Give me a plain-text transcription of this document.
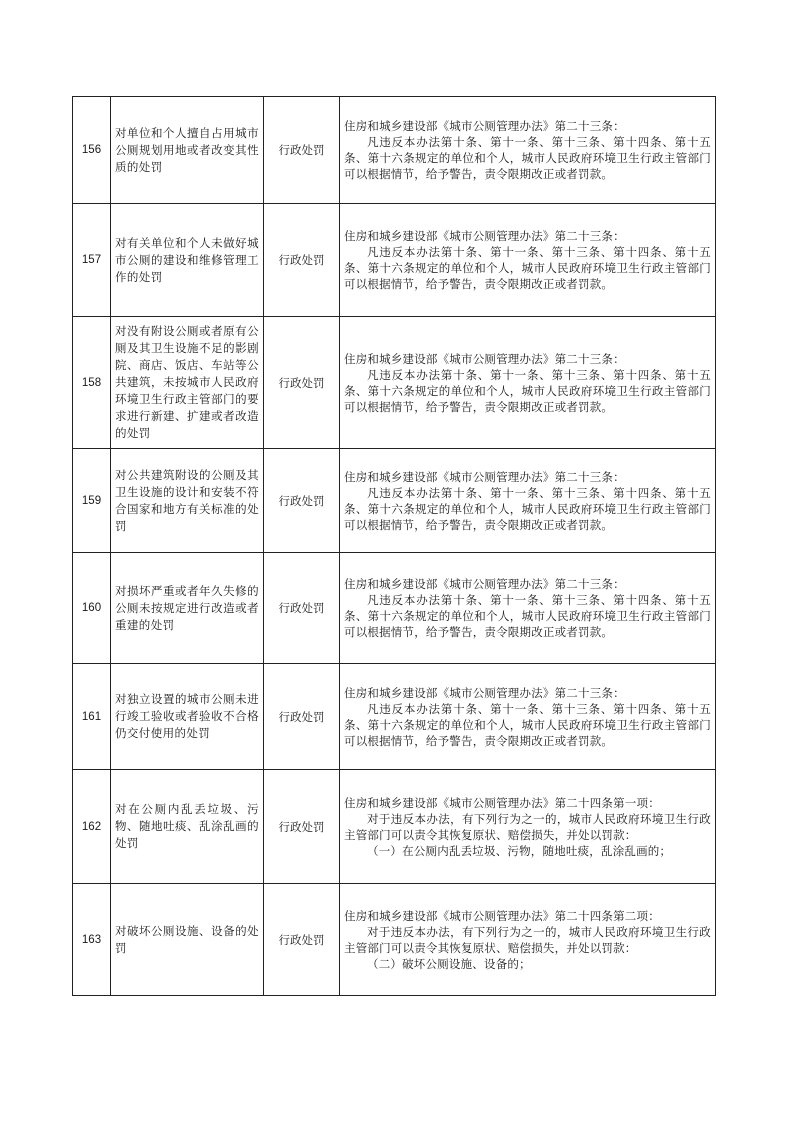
156	对单位和个人擅自占用城市公厕规划用地或者改变其性质的处罚	行政处罚	住房和城乡建设部《城市公厕管理办法》第二十三条：
凡违反本办法第十条、第十一条、第十三条、第十四条、第十五条、第十六条规定的单位和个人，城市人民政府环境卫生行政主管部门可以根据情节，给予警告，责令限期改正或者罚款。

157	对有关单位和个人未做好城市公厕的建设和维修管理工作的处罚	行政处罚	住房和城乡建设部《城市公厕管理办法》第二十三条：
凡违反本办法第十条、第十一条、第十三条、第十四条、第十五条、第十六条规定的单位和个人，城市人民政府环境卫生行政主管部门可以根据情节，给予警告，责令限期改正或者罚款。

158	对没有附设公厕或者原有公厕及其卫生设施不足的影剧院、商店、饭店、车站等公共建筑，未按城市人民政府环境卫生行政主管部门的要求进行新建、扩建或者改造的处罚	行政处罚	住房和城乡建设部《城市公厕管理办法》第二十三条：
凡违反本办法第十条、第十一条、第十三条、第十四条、第十五条、第十六条规定的单位和个人，城市人民政府环境卫生行政主管部门可以根据情节，给予警告，责令限期改正或者罚款。

159	对公共建筑附设的公厕及其卫生设施的设计和安装不符合国家和地方有关标准的处罚	行政处罚	住房和城乡建设部《城市公厕管理办法》第二十三条：
凡违反本办法第十条、第十一条、第十三条、第十四条、第十五条、第十六条规定的单位和个人，城市人民政府环境卫生行政主管部门可以根据情节，给予警告，责令限期改正或者罚款。

160	对损坏严重或者年久失修的公厕未按规定进行改造或者重建的处罚	行政处罚	住房和城乡建设部《城市公厕管理办法》第二十三条：
凡违反本办法第十条、第十一条、第十三条、第十四条、第十五条、第十六条规定的单位和个人，城市人民政府环境卫生行政主管部门可以根据情节，给予警告，责令限期改正或者罚款。

161	对独立设置的城市公厕未进行竣工验收或者验收不合格仍交付使用的处罚	行政处罚	住房和城乡建设部《城市公厕管理办法》第二十三条：
凡违反本办法第十条、第十一条、第十三条、第十四条、第十五条、第十六条规定的单位和个人，城市人民政府环境卫生行政主管部门可以根据情节，给予警告，责令限期改正或者罚款。

162	对在公厕内乱丢垃圾、污物、随地吐痰、乱涂乱画的处罚	行政处罚	住房和城乡建设部《城市公厕管理办法》第二十四条第一项：
对于违反本办法，有下列行为之一的，城市人民政府环境卫生行政主管部门可以责令其恢复原状、赔偿损失，并处以罚款：
（一）在公厕内乱丢垃圾、污物，随地吐痰，乱涂乱画的；

163	对破坏公厕设施、设备的处罚	行政处罚	住房和城乡建设部《城市公厕管理办法》第二十四条第二项：
对于违反本办法，有下列行为之一的，城市人民政府环境卫生行政主管部门可以责令其恢复原状、赔偿损失，并处以罚款：
（二）破坏公厕设施、设备的；
